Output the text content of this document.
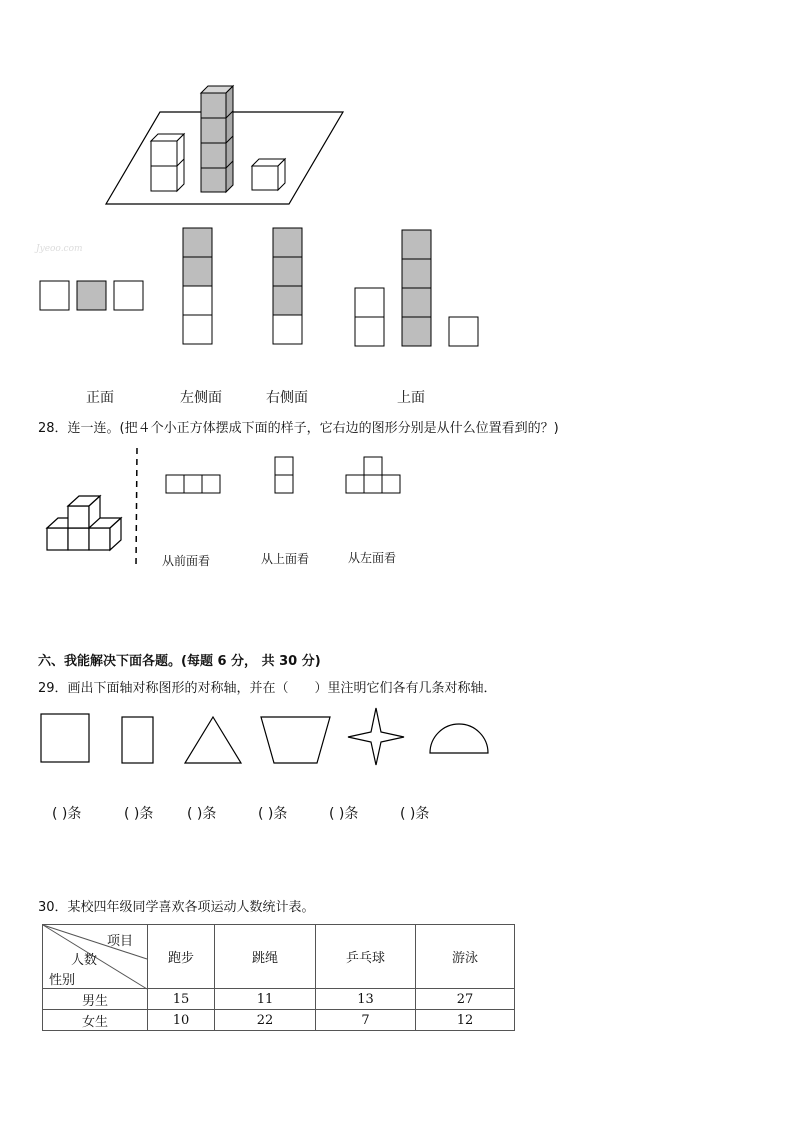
Jyeoo.com
正面	左侧面	右侧面	上面
28．连一连。(把４个小正方体摆成下面的样子，它右边的图形分别是从什么位置看到的？)
从前面看	从上面看	从左面看
六、我能解决下面各题。(每题 6 分， 共 30 分)
29．画出下面轴对称图形的对称轴，并在（　　）里注明它们各有几条对称轴．
( )条	( )条 ( )条	( )条	( )条	( )条
30．某校四年级同学喜欢各项运动人数统计表。
项目
人数
性别	跑步	跳绳	乒乓球	游泳
男生	15	11	13	27
女生	10	22	7	12
